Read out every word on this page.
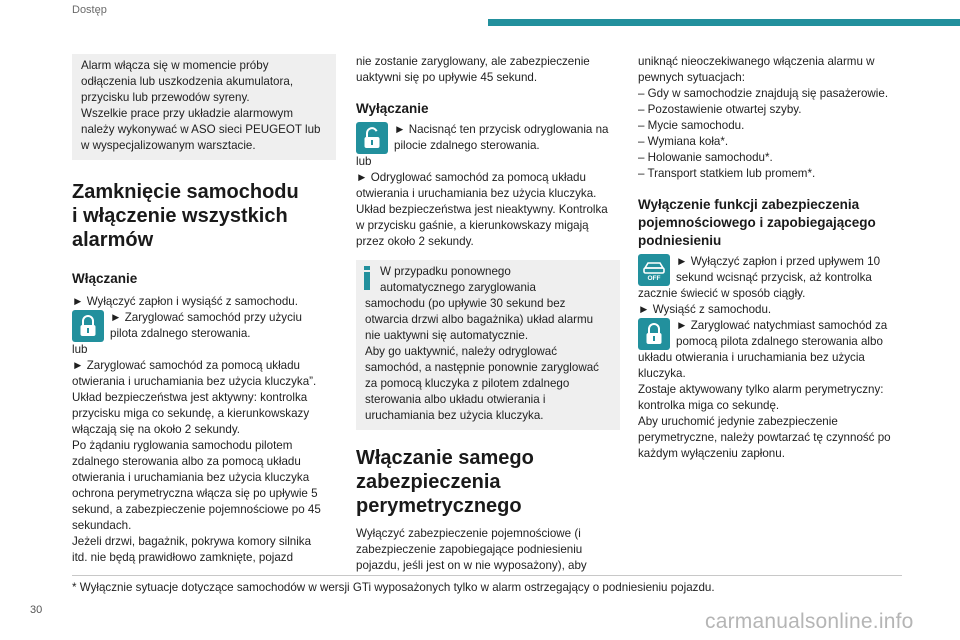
Dostęp

Alarm włącza się w momencie próby

odłączenia lub uszkodzenia akumulatora,

przycisku lub przewodów syreny.

Wszelkie prace przy układzie alarmowym

należy wykonywać w ASO sieci PEUGEOT lub

w wyspecjalizowanym warsztacie.

Zamknięcie samochodu
i włączenie wszystkich
alarmów
Włączanie

► Wyłączyć zapłon i wysiąść z samochodu.

► Zaryglować samochód przy użyciu

pilota zdalnego sterowania.

lub

► Zaryglować samochód za pomocą układu

otwierania i uruchamiania bez użycia kluczyka”.

Układ bezpieczeństwa jest aktywny: kontrolka

przycisku miga co sekundę, a kierunkowskazy

włączają się na około 2 sekundy.

Po żądaniu ryglowania samochodu pilotem

zdalnego sterowania albo za pomocą układu

otwierania i uruchamiania bez użycia kluczyka

ochrona perymetryczna włącza się po upływie 5

sekund, a zabezpieczenie pojemnościowe po 45

sekundach.

Jeżeli drzwi, bagażnik, pokrywa komory silnika

itd. nie będą prawidłowo zamknięte, pojazd

nie zostanie zaryglowany, ale zabezpieczenie

uaktywni się po upływie 45 sekund.

Wyłączanie

► Nacisnąć ten przycisk odryglowania na

pilocie zdalnego sterowania.

lub

► Odryglować samochód za pomocą układu

otwierania i uruchamiania bez użycia kluczyka.

Układ bezpieczeństwa jest nieaktywny. Kontrolka

w przycisku gaśnie, a kierunkowskazy migają

przez około 2 sekundy.

W przypadku ponownego

automatycznego zaryglowania

samochodu (po upływie 30 sekund bez

otwarcia drzwi albo bagażnika) układ alarmu

nie uaktywni się automatycznie.

Aby go uaktywnić, należy odryglować

samochód, a następnie ponownie zaryglować

za pomocą kluczyka z pilotem zdalnego

sterowania albo układu otwierania i

uruchamiania bez użycia kluczyka.

Włączanie samego
zabezpieczenia
perymetrycznego

Wyłączyć zabezpieczenie pojemnościowe (i

zabezpieczenie zapobiegające podniesieniu

pojazdu, jeśli jest on w nie wyposażony), aby

uniknąć nieoczekiwanego włączenia alarmu w

pewnych sytuacjach:

– Gdy w samochodzie znajdują się pasażerowie.

– Pozostawienie otwartej szyby.

– Mycie samochodu.

– Wymiana koła*.

– Holowanie samochodu*.

– Transport statkiem lub promem*.

Wyłączenie funkcji zabezpieczenia
pojemnościowego i zapobiegającego
podniesieniu
OFF

► Wyłączyć zapłon i przed upływem 10

sekund wcisnąć przycisk, aż kontrolka

zacznie świecić w sposób ciągły.

► Wysiąść z samochodu.

► Zaryglować natychmiast samochód za

pomocą pilota zdalnego sterowania albo

układu otwierania i uruchamiania bez użycia

kluczyka.

Zostaje aktywowany tylko alarm perymetryczny:

kontrolka miga co sekundę.

Aby uruchomić jedynie zabezpieczenie

perymetryczne, należy powtarzać tę czynność po

każdym wyłączeniu zapłonu.

* Wyłącznie sytuacje dotyczące samochodów w wersji GTi wyposażonych tylko w alarm ostrzegający o podniesieniu pojazdu.
30	carmanualsonline.info
